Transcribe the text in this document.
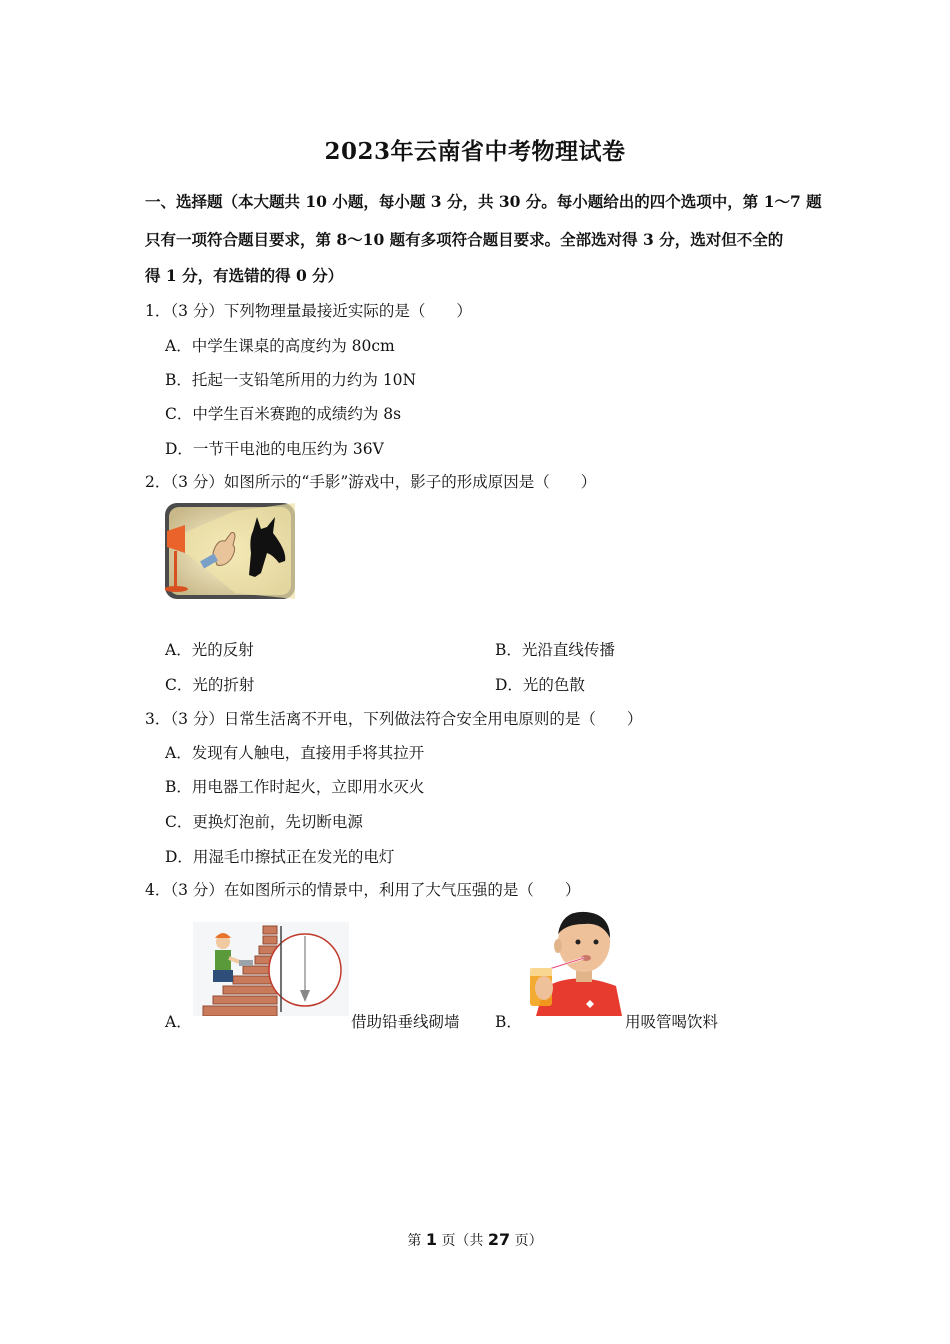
2023年云南省中考物理试卷
一、选择题（本大题共 10 小题，每小题 3 分，共 30 分。每小题给出的四个选项中，第 1～7 题
只有一项符合题目要求，第 8～10 题有多项符合题目要求。全部选对得 3 分，选对但不全的
得 1 分，有选错的得 0 分）
1．（3 分）下列物理量最接近实际的是（　　）
A．中学生课桌的高度约为 80cm
B．托起一支铅笔所用的力约为 10N
C．中学生百米赛跑的成绩约为 8s
D．一节干电池的电压约为 36V
2．（3 分）如图所示的“手影”游戏中，影子的形成原因是（　　）
A．光的反射	B．光沿直线传播
C．光的折射	D．光的色散
3．（3 分）日常生活离不开电，下列做法符合安全用电原则的是（　　）
A．发现有人触电，直接用手将其拉开
B．用电器工作时起火，立即用水灭火
C．更换灯泡前，先切断电源
D．用湿毛巾擦拭正在发光的电灯
4．（3 分）在如图所示的情景中，利用了大气压强的是（　　）
A．	借助铅垂线砌墙 B．	用吸管喝饮料
第 1 页（共 27 页）
